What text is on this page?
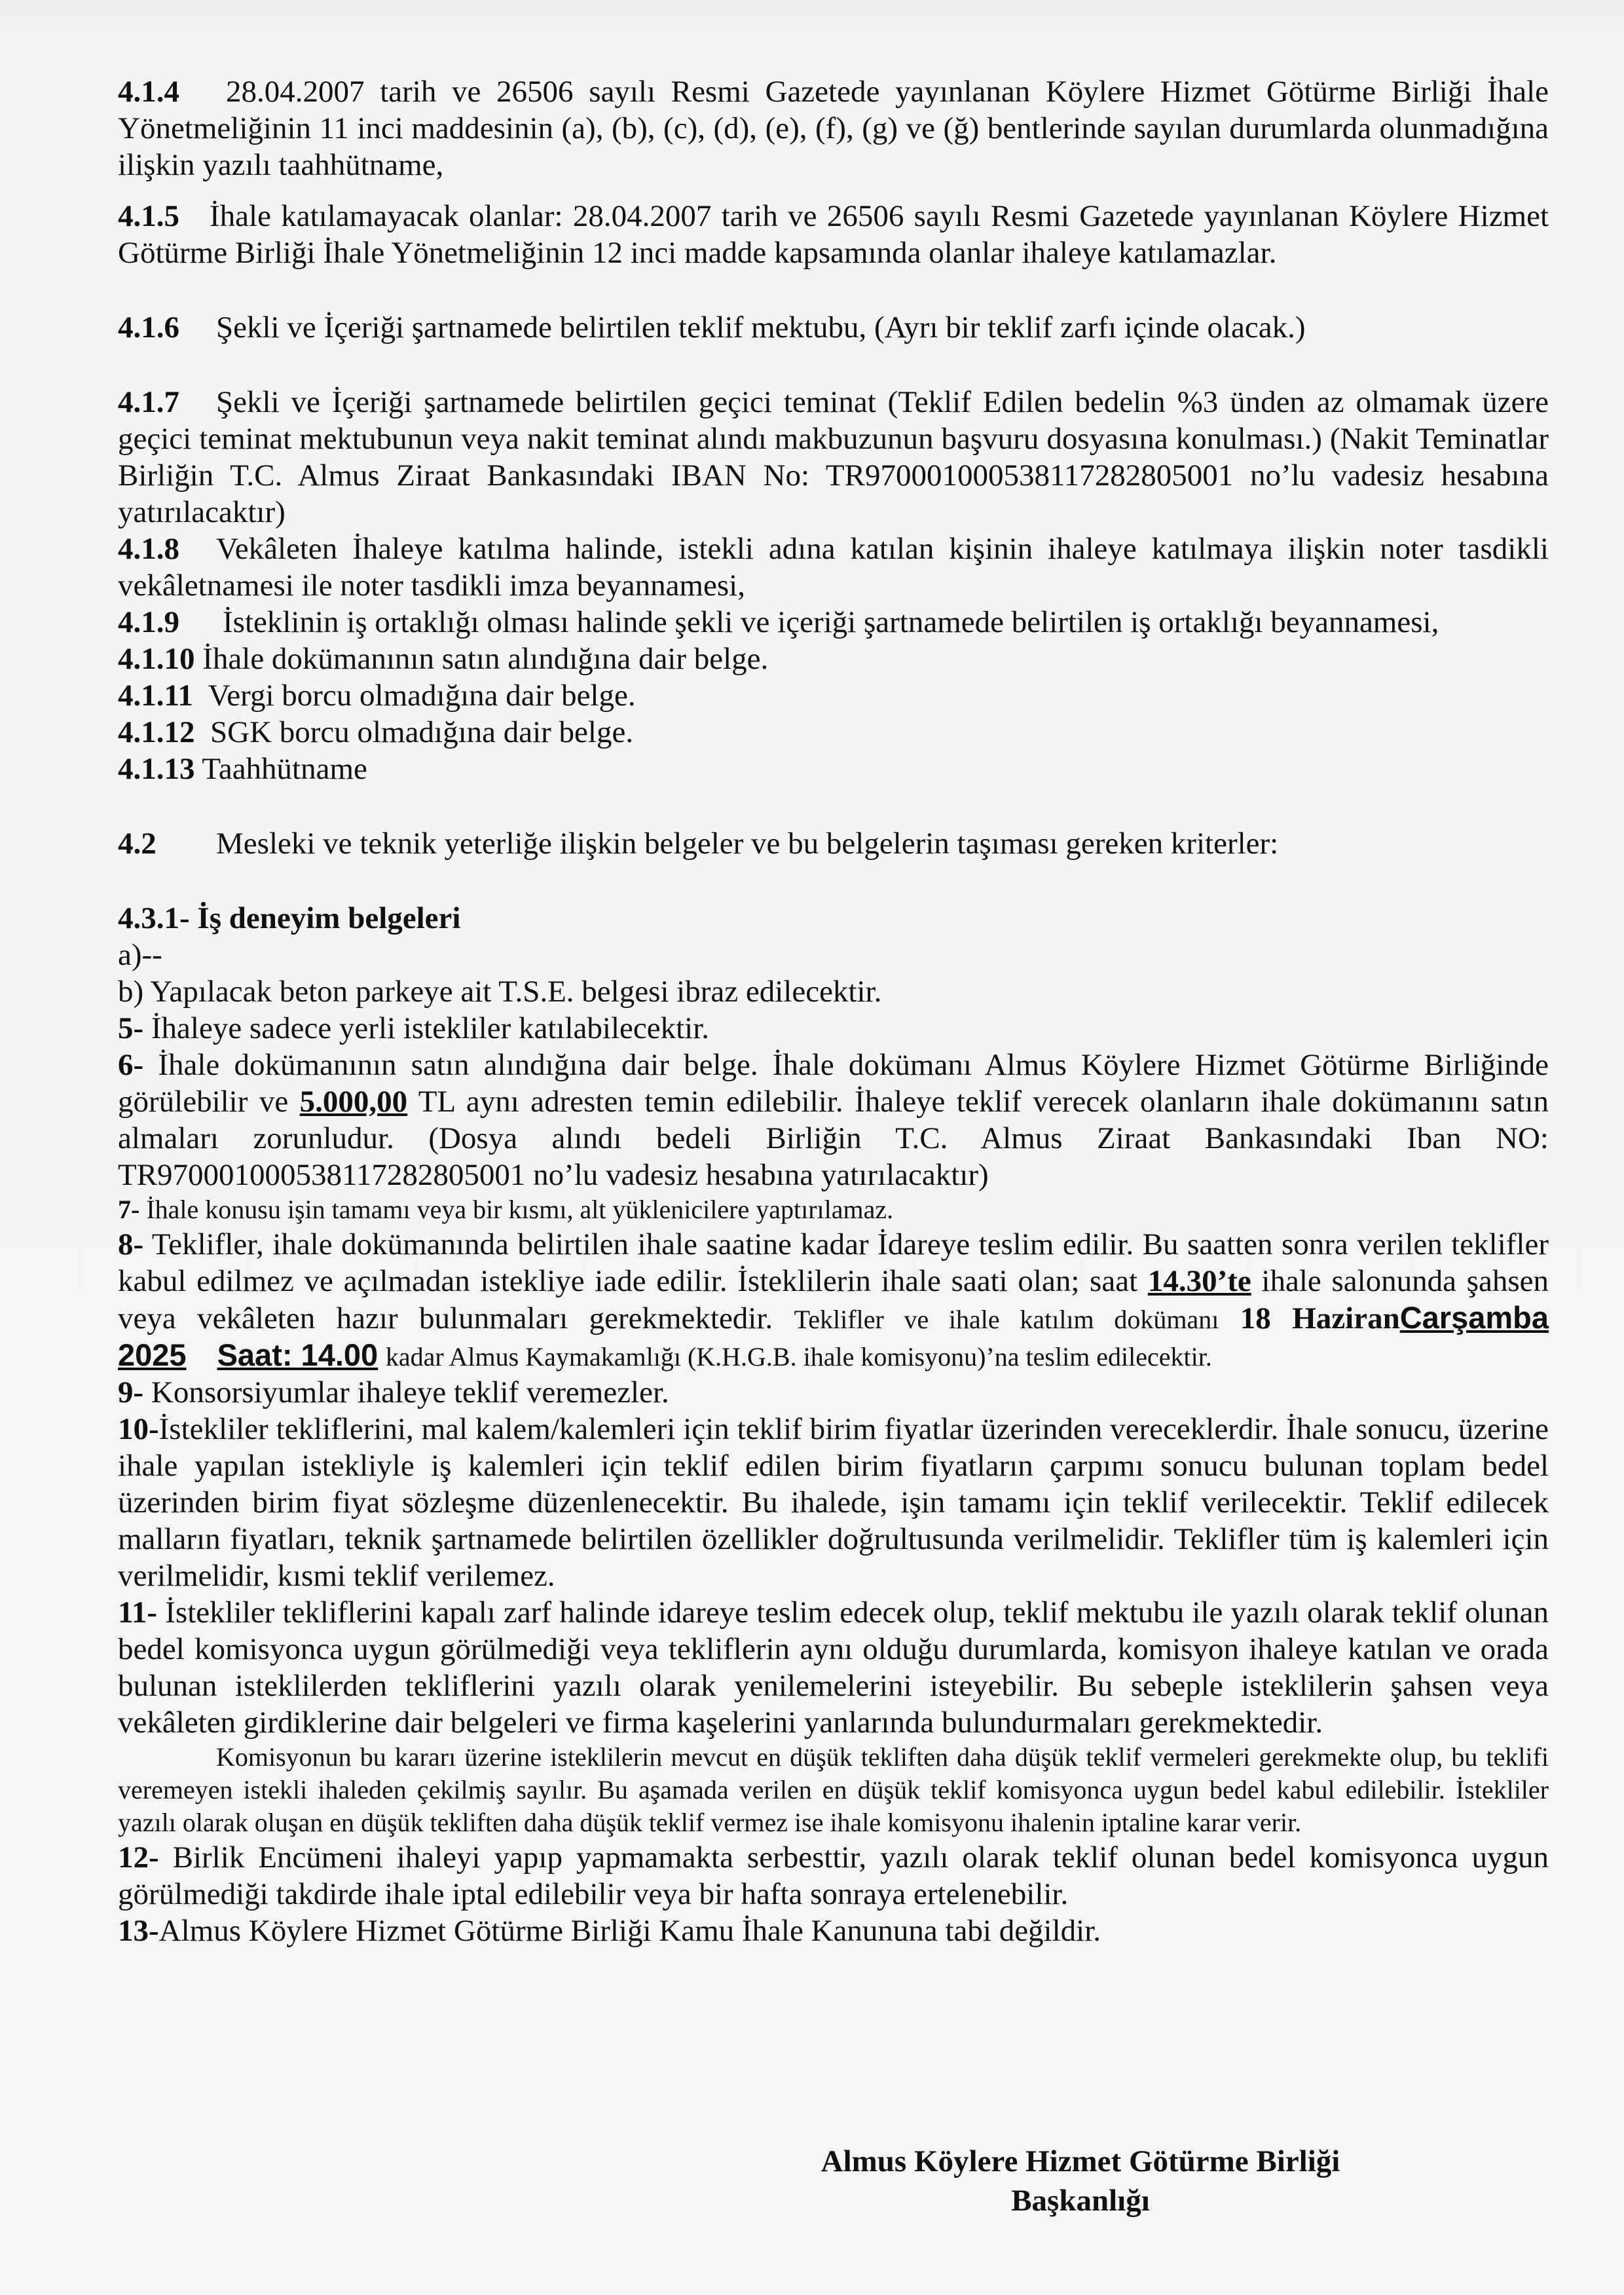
4.1.4 28.04.2007 tarih ve 26506 sayılı Resmi Gazetede yayınlanan Köylere Hizmet Götürme Birliği İhale Yönetmeliğinin 11 inci maddesinin (a), (b), (c), (d), (e), (f), (g) ve (ğ) bentlerinde sayılan durumlarda olunmadığına ilişkin yazılı taahhütname,

4.1.5 İhale katılamayacak olanlar: 28.04.2007 tarih ve 26506 sayılı Resmi Gazetede yayınlanan Köylere Hizmet Götürme Birliği İhale Yönetmeliğinin 12 inci madde kapsamında olanlar ihaleye katılamazlar.

4.1.6 Şekli ve İçeriği şartnamede belirtilen teklif mektubu, (Ayrı bir teklif zarfı içinde olacak.)

4.1.7 Şekli ve İçeriği şartnamede belirtilen geçici teminat (Teklif Edilen bedelin %3 ünden az olmamak üzere geçici teminat mektubunun veya nakit teminat alındı makbuzunun başvuru dosyasına konulması.) (Nakit Teminatlar Birliğin T.C. Almus Ziraat Bankasındaki IBAN No: TR970001000538117282805001 no’lu vadesiz hesabına yatırılacaktır)

4.1.8 Vekâleten İhaleye katılma halinde, istekli adına katılan kişinin ihaleye katılmaya ilişkin noter tasdikli vekâletnamesi ile noter tasdikli imza beyannamesi,

4.1.9 İsteklinin iş ortaklığı olması halinde şekli ve içeriği şartnamede belirtilen iş ortaklığı beyannamesi,

4.1.10 İhale dokümanının satın alındığına dair belge.

4.1.11 Vergi borcu olmadığına dair belge.

4.1.12 SGK borcu olmadığına dair belge.

4.1.13 Taahhütname

4.2 Mesleki ve teknik yeterliğe ilişkin belgeler ve bu belgelerin taşıması gereken kriterler:

4.3.1- İş deneyim belgeleri

a)--

b) Yapılacak beton parkeye ait T.S.E. belgesi ibraz edilecektir.

5- İhaleye sadece yerli istekliler katılabilecektir.

6- İhale dokümanının satın alındığına dair belge. İhale dokümanı Almus Köylere Hizmet Götürme Birliğinde görülebilir ve 5.000,00 TL aynı adresten temin edilebilir. İhaleye teklif verecek olanların ihale dokümanını satın almaları zorunludur. (Dosya alındı bedeli Birliğin T.C. Almus Ziraat Bankasındaki Iban NO: TR970001000538117282805001 no’lu vadesiz hesabına yatırılacaktır)

7- İhale konusu işin tamamı veya bir kısmı, alt yüklenicilere yaptırılamaz.

8- Teklifler, ihale dokümanında belirtilen ihale saatine kadar İdareye teslim edilir. Bu saatten sonra verilen teklifler kabul edilmez ve açılmadan istekliye iade edilir. İsteklilerin ihale saati olan; saat 14.30’te ihale salonunda şahsen veya vekâleten hazır bulunmaları gerekmektedir. Teklifler ve ihale katılım dokümanı 18 HaziranCarşamba 2025 Saat: 14.00 kadar Almus Kaymakamlığı (K.H.G.B. ihale komisyonu)’na teslim edilecektir.

9- Konsorsiyumlar ihaleye teklif veremezler.

10-İstekliler tekliflerini, mal kalem/kalemleri için teklif birim fiyatlar üzerinden vereceklerdir. İhale sonucu, üzerine ihale yapılan istekliyle iş kalemleri için teklif edilen birim fiyatların çarpımı sonucu bulunan toplam bedel üzerinden birim fiyat sözleşme düzenlenecektir. Bu ihalede, işin tamamı için teklif verilecektir. Teklif edilecek malların fiyatları, teknik şartnamede belirtilen özellikler doğrultusunda verilmelidir. Teklifler tüm iş kalemleri için verilmelidir, kısmi teklif verilemez.

11- İstekliler tekliflerini kapalı zarf halinde idareye teslim edecek olup, teklif mektubu ile yazılı olarak teklif olunan bedel komisyonca uygun görülmediği veya tekliflerin aynı olduğu durumlarda, komisyon ihaleye katılan ve orada bulunan isteklilerden tekliflerini yazılı olarak yenilemelerini isteyebilir. Bu sebeple isteklilerin şahsen veya vekâleten girdiklerine dair belgeleri ve firma kaşelerini yanlarında bulundurmaları gerekmektedir.

Komisyonun bu kararı üzerine isteklilerin mevcut en düşük tekliften daha düşük teklif vermeleri gerekmekte olup, bu teklifi veremeyen istekli ihaleden çekilmiş sayılır. Bu aşamada verilen en düşük teklif komisyonca uygun bedel kabul edilebilir. İstekliler yazılı olarak oluşan en düşük tekliften daha düşük teklif vermez ise ihale komisyonu ihalenin iptaline karar verir.

12- Birlik Encümeni ihaleyi yapıp yapmamakta serbesttir, yazılı olarak teklif olunan bedel komisyonca uygun görülmediği takdirde ihale iptal edilebilir veya bir hafta sonraya ertelenebilir.

13-Almus Köylere Hizmet Götürme Birliği Kamu İhale Kanununa tabi değildir.

Almus Köylere Hizmet Götürme Birliği
Başkanlığı
